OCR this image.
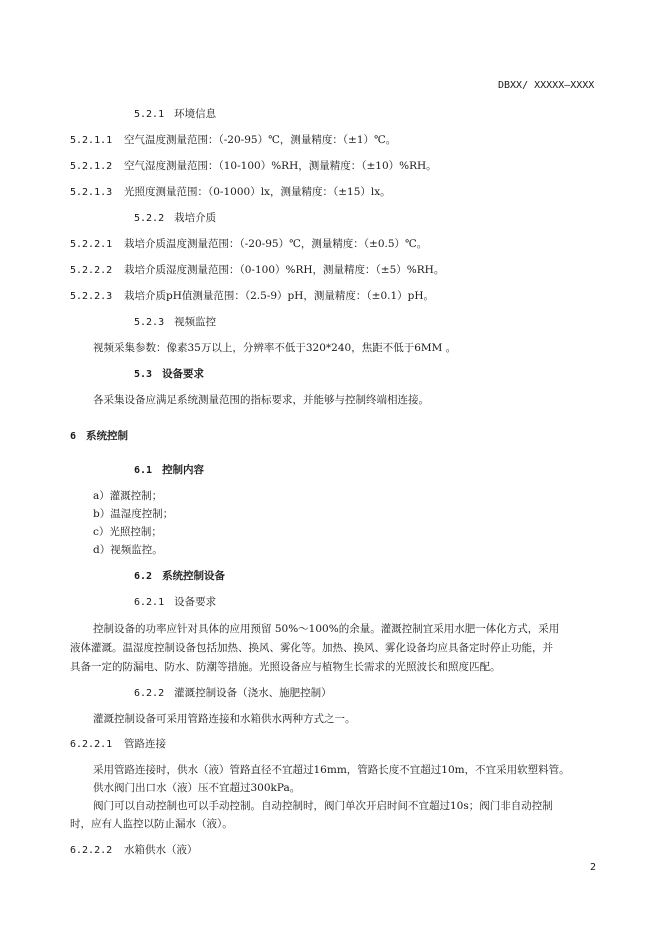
DBXX/ XXXXX—XXXX
5.2.1 环境信息
5.2.1.1 空气温度测量范围：（-20-95）℃，测量精度：（±1）℃。
5.2.1.2 空气湿度测量范围：（10-100）%RH，测量精度：（±10）%RH。
5.2.1.3 光照度测量范围：（0-1000）lx，测量精度：（±15）lx。
5.2.2 栽培介质
5.2.2.1 栽培介质温度测量范围：（-20-95）℃，测量精度：（±0.5）℃。
5.2.2.2 栽培介质湿度测量范围：（0-100）%RH，测量精度：（±5）%RH。
5.2.2.3 栽培介质pH值测量范围：（2.5-9）pH，测量精度：（±0.1）pH。
5.2.3 视频监控
视频采集参数：像素35万以上，分辨率不低于320*240，焦距不低于6MM 。
5.3 设备要求
各采集设备应满足系统测量范围的指标要求，并能够与控制终端相连接。
6 系统控制
6.1 控制内容
a）灌溉控制；
b）温湿度控制；
c）光照控制；
d）视频监控。
6.2 系统控制设备
6.2.1 设备要求
控制设备的功率应针对具体的应用预留 50%～100%的余量。灌溉控制宜采用水肥一体化方式，采用
液体灌溉。温湿度控制设备包括加热、换风、雾化等。加热、换风、雾化设备均应具备定时停止功能，并
具备一定的防漏电、防水、防潮等措施。光照设备应与植物生长需求的光照波长和照度匹配。
6.2.2 灌溉控制设备（浇水、施肥控制）
灌溉控制设备可采用管路连接和水箱供水两种方式之一。
6.2.2.1 管路连接
采用管路连接时，供水（液）管路直径不宜超过16mm，管路长度不宜超过10m，不宜采用软塑料管。
供水阀门出口水（液）压不宜超过300kPa。
阀门可以自动控制也可以手动控制。自动控制时，阀门单次开启时间不宜超过10s；阀门非自动控制
时，应有人监控以防止漏水（液）。
6.2.2.2 水箱供水（液）
2
